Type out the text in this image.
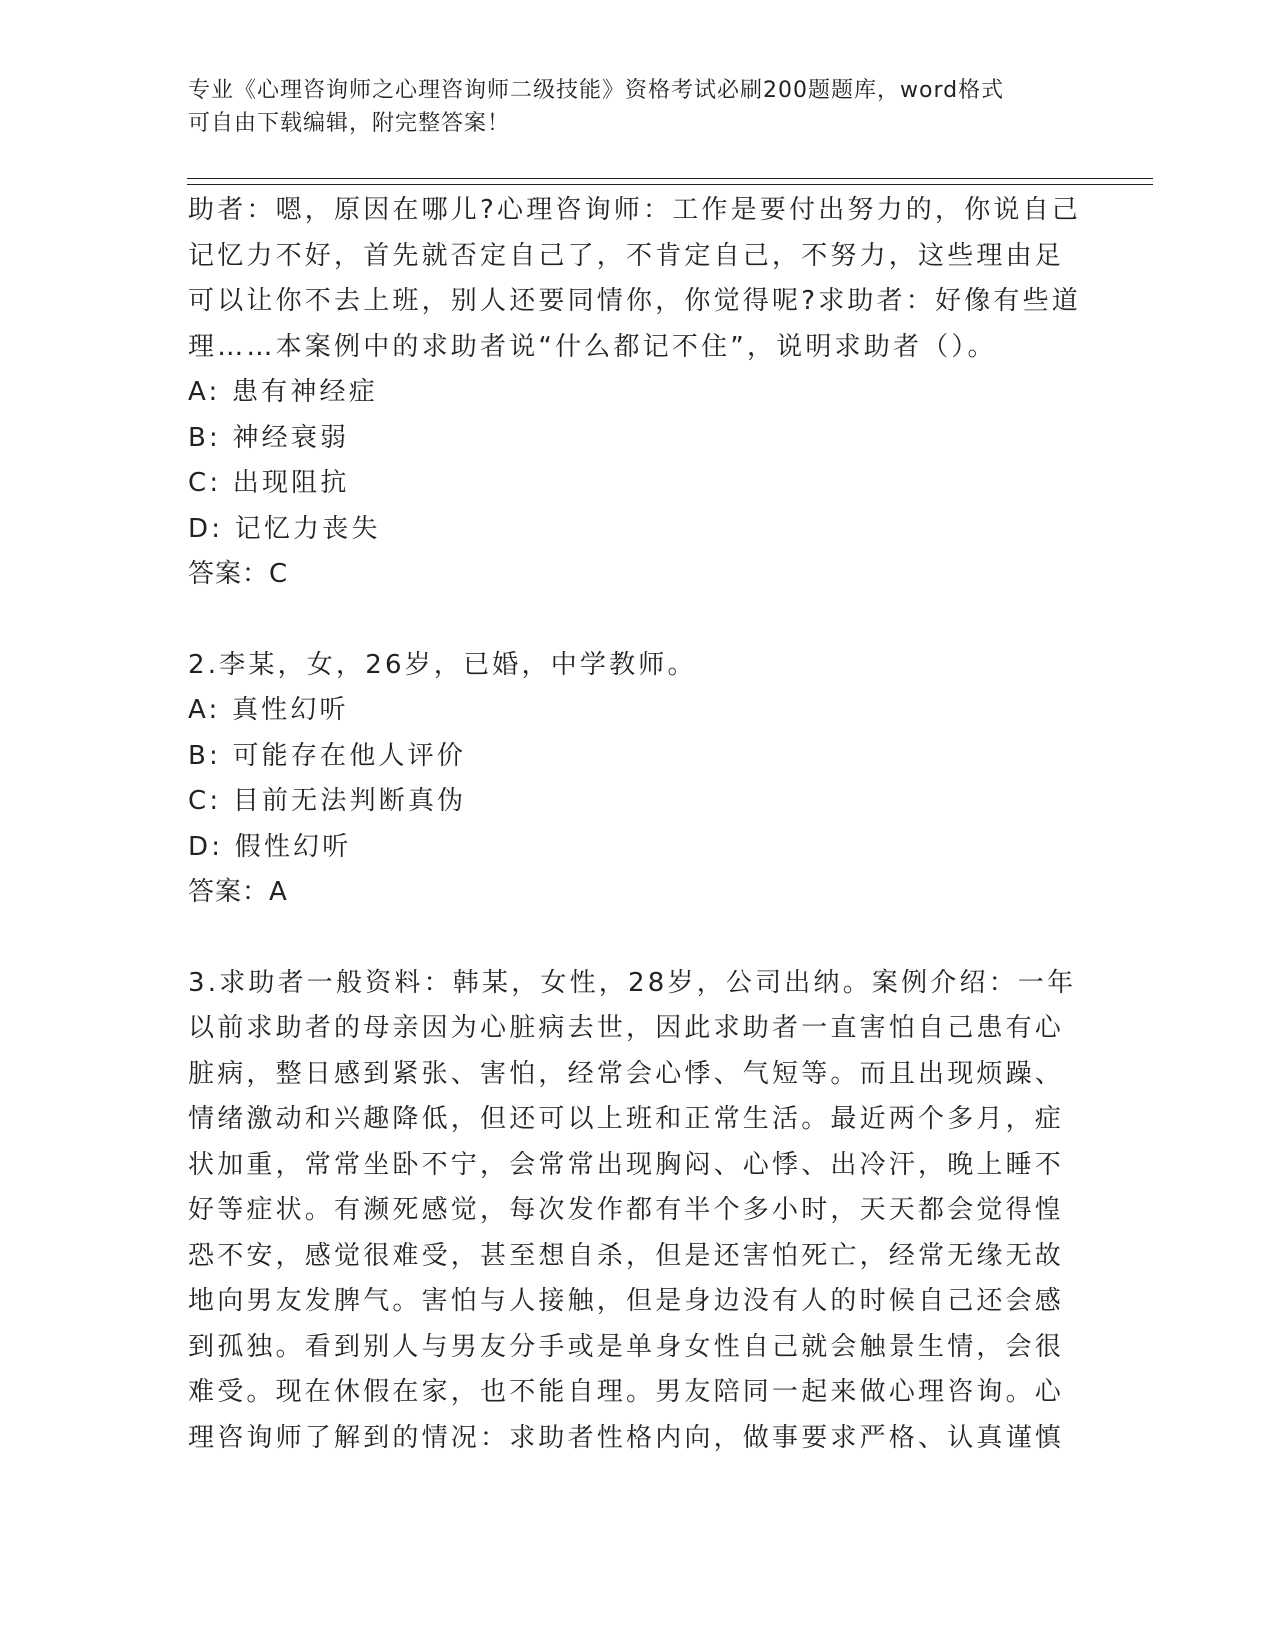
专业《心理咨询师之心理咨询师二级技能》资格考试必刷200题题库，word格式
可自由下载编辑，附完整答案！

助者：嗯，原因在哪儿?心理咨询师：工作是要付出努力的，你说自己

记忆力不好，首先就否定自己了，不肯定自己，不努力，这些理由足

可以让你不去上班，别人还要同情你，你觉得呢?求助者：好像有些道

理……本案例中的求助者说“什么都记不住”，说明求助者（）。

A: 患有神经症

B: 神经衰弱

C: 出现阻抗

D: 记忆力丧失

答案：C

2.李某，女，26岁，已婚，中学教师。

A: 真性幻听

B: 可能存在他人评价

C: 目前无法判断真伪

D: 假性幻听

答案：A

3.求助者一般资料：韩某，女性，28岁，公司出纳。案例介绍：一年

以前求助者的母亲因为心脏病去世，因此求助者一直害怕自己患有心

脏病，整日感到紧张、害怕，经常会心悸、气短等。而且出现烦躁、

情绪激动和兴趣降低，但还可以上班和正常生活。最近两个多月，症

状加重，常常坐卧不宁，会常常出现胸闷、心悸、出冷汗，晚上睡不

好等症状。有濒死感觉，每次发作都有半个多小时，天天都会觉得惶

恐不安，感觉很难受，甚至想自杀，但是还害怕死亡，经常无缘无故

地向男友发脾气。害怕与人接触，但是身边没有人的时候自己还会感

到孤独。看到别人与男友分手或是单身女性自己就会触景生情，会很

难受。现在休假在家，也不能自理。男友陪同一起来做心理咨询。心

理咨询师了解到的情况：求助者性格内向，做事要求严格、认真谨慎
